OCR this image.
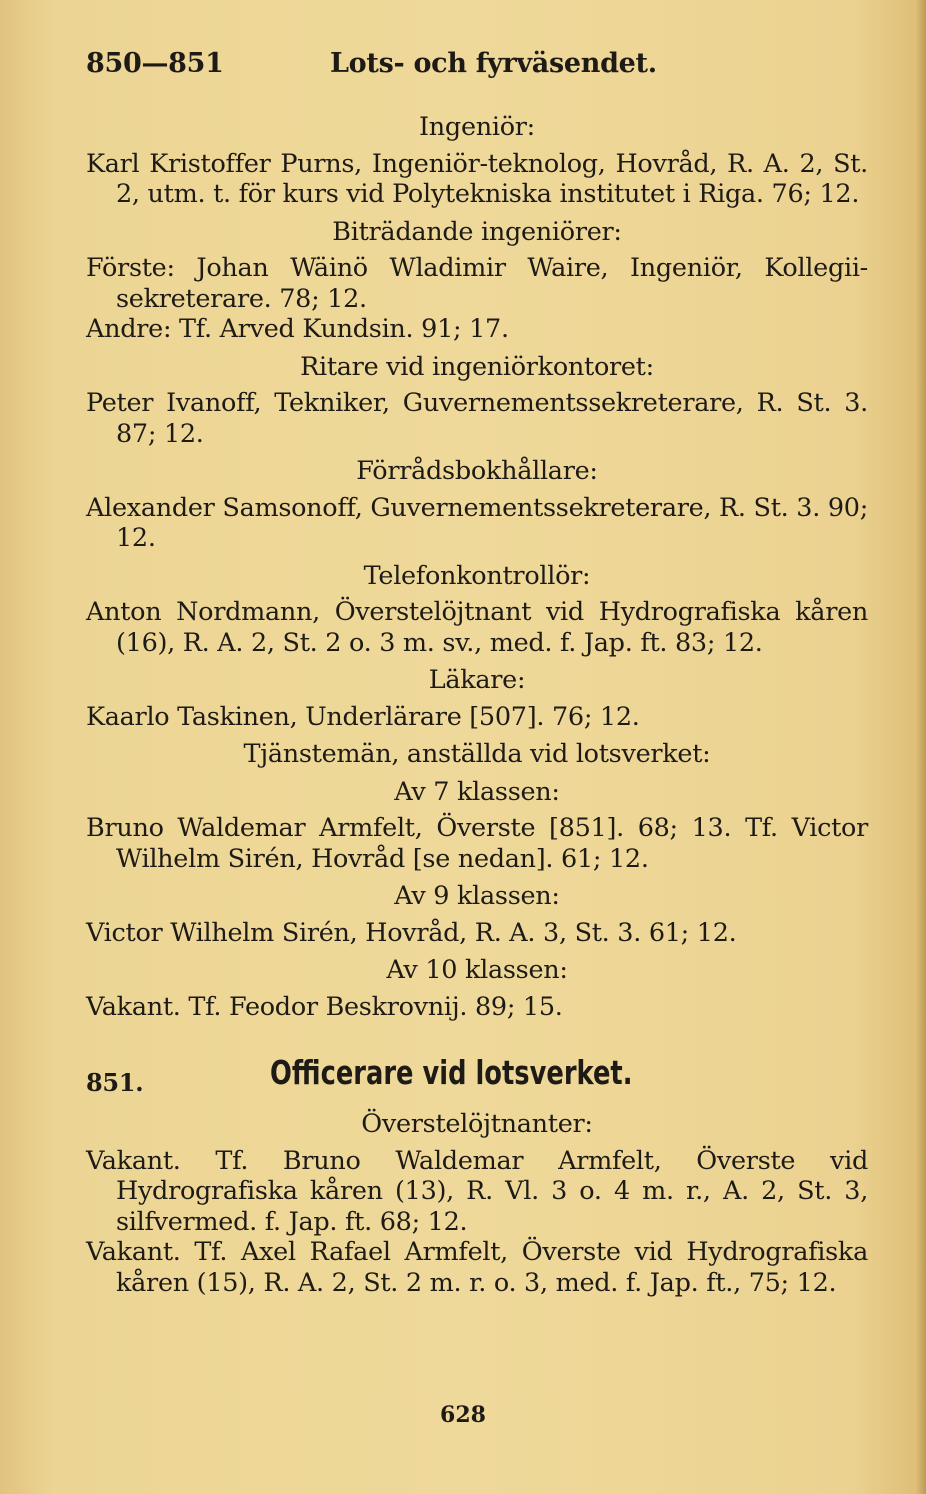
850—851	Lots- och fyrväsendet.
Ingeniör:
Karl Kristoffer Purns, Ingeniör-teknolog, Hovråd, R. A. 2, St. 2, utm. t. för kurs vid Polytekniska institutet i Riga. 76; 12.
Biträdande ingeniörer:
Förste: Johan Wäinö Wladimir Waire, Ingeniör, Kollegii-sekreterare. 78; 12.
Andre: Tf. Arved Kundsin. 91; 17.
Ritare vid ingeniörkontoret:
Peter Ivanoff, Tekniker, Guvernementssekreterare, R. St. 3. 87; 12.
Förrådsbokhållare:
Alexander Samsonoff, Guvernementssekreterare, R. St. 3. 90; 12.
Telefonkontrollör:
Anton Nordmann, Överstelöjtnant vid Hydrografiska kåren (16), R. A. 2, St. 2 o. 3 m. sv., med. f. Jap. ft. 83; 12.
Läkare:
Kaarlo Taskinen, Underlärare [507]. 76; 12.
Tjänstemän, anställda vid lotsverket:
Av 7 klassen:
Bruno Waldemar Armfelt, Överste [851]. 68; 13. Tf. Victor Wilhelm Sirén, Hovråd [se nedan]. 61; 12.
Av 9 klassen:
Victor Wilhelm Sirén, Hovråd, R. A. 3, St. 3. 61; 12.
Av 10 klassen:
Vakant. Tf. Feodor Beskrovnij. 89; 15.
851.	Officerare vid lotsverket.
Överstelöjtnanter:
Vakant. Tf. Bruno Waldemar Armfelt, Överste vid Hydrografiska kåren (13), R. Vl. 3 o. 4 m. r., A. 2, St. 3, silfvermed. f. Jap. ft. 68; 12.
Vakant. Tf. Axel Rafael Armfelt, Överste vid Hydrografiska kåren (15), R. A. 2, St. 2 m. r. o. 3, med. f. Jap. ft., 75; 12.
628
